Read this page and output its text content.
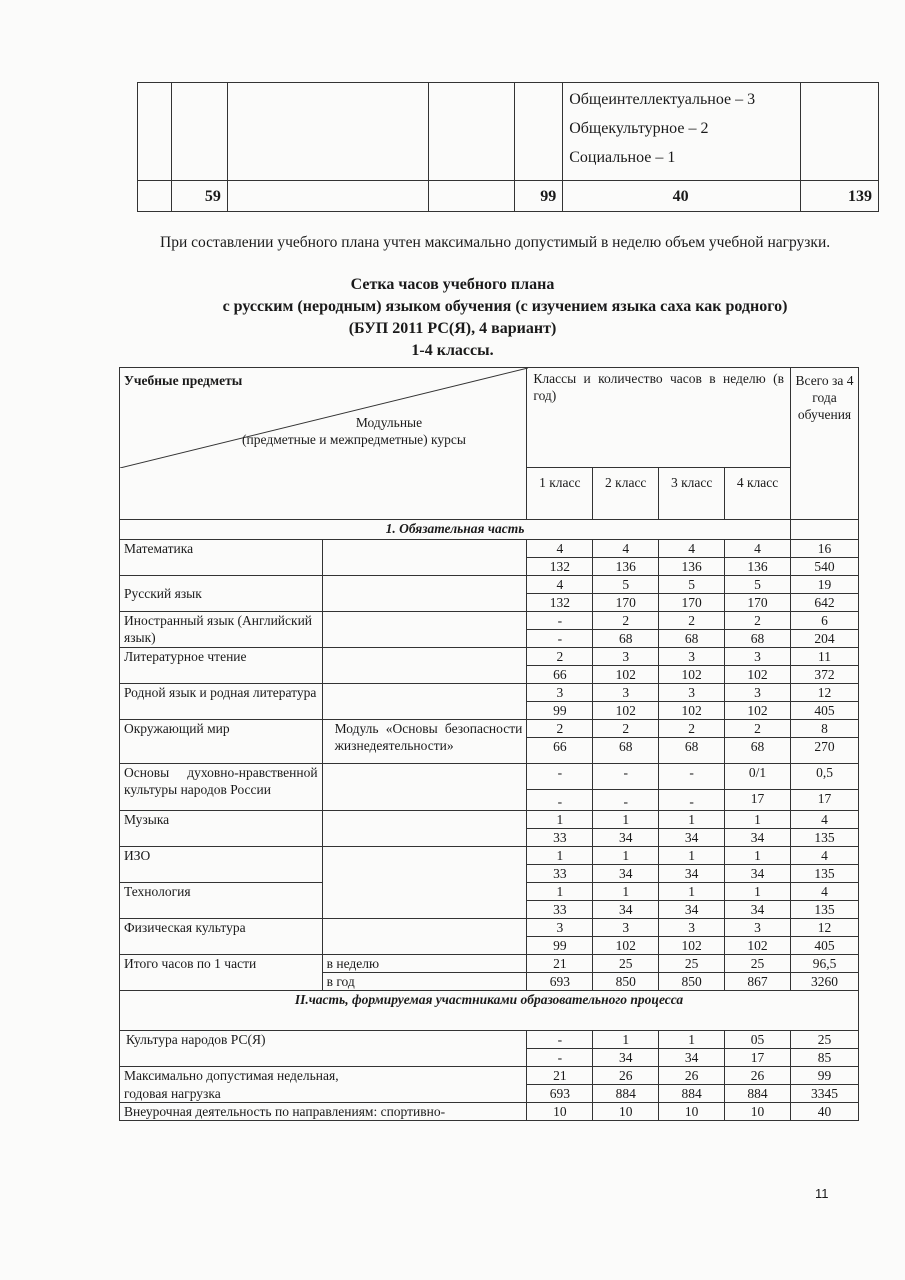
					Общеинтеллектуальное – 3
Общекультурное – 2
Социальное – 1	

	59			99	40	139
При составлении учебного плана учтен максимально допустимый в неделю объем учебной нагрузки.
Сетка часов учебного плана
с русским (неродным) языком обучения (с изучением языка саха как родного)
(БУП 2011 РС(Я), 4 вариант)
1-4 классы.
Учебные предметы
Модульные
(предметные и межпредметные) курсы		Классы и количество часов в неделю (в год)				Всего за 4 года обучения
		1 класс	2 класс	3 класс	4 класс	
1. Обязательная часть						
Математика		4	4	4	4	16
		132	136	136	136	540
Русский язык		4	5	5	5	19
		132	170	170	170	642
Иностранный язык (Английский язык)		-	2	2	2	6
		-	68	68	68	204
Литературное чтение		2	3	3	3	11
		66	102	102	102	372
Родной язык и родная литература		3	3	3	3	12
		99	102	102	102	405
Окружающий мир	Модуль «Основы безопасности жизнедеятельности»	2	2	2	2	8
		66	68	68	68	270
Основы духовно-нравственной культуры народов России		-	-	-	0/1	0,5
		-	-	-	17	17
Музыка		1	1	1	1	4
		33	34	34	34	135
ИЗО		1	1	1	1	4
		33	34	34	34	135
Технология		1	1	1	1	4
		33	34	34	34	135
Физическая культура		3	3	3	3	12
		99	102	102	102	405
Итого часов по 1 части	в неделю	21	25	25	25	96,5
	в год	693	850	850	867	3260
II.часть, формируемая участниками образовательного процесса						
Культура народов РС(Я)		-	1	1	05	25
		-	34	34	17	85
Максимально допустимая недельная,		21	26	26	26	99
годовая нагрузка		693	884	884	884	3345
Внеурочная деятельность по направлениям: спортивно-		10	10	10	10	40
11
